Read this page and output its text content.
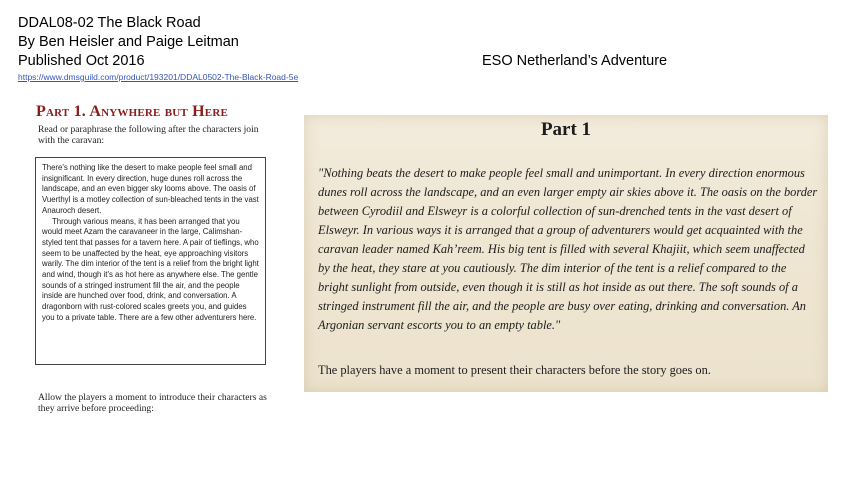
DDAL08-02 The Black Road
By Ben Heisler and Paige Leitman
Published Oct 2016
https://www.dmsguild.com/product/193201/DDAL0502-The-Black-Road-5e
ESO Netherland’s Adventure
Part 1. Anywhere but Here
Read or paraphrase the following after the characters join with the caravan:

There's nothing like the desert to make people feel small and insignificant. In every direction, huge dunes roll across the landscape, and an even bigger sky looms above. The oasis of Vuerthyl is a motley collection of sun-bleached tents in the vast Anauroch desert.

Through various means, it has been arranged that you would meet Azam the caravaneer in the large, Calimshan-styled tent that passes for a tavern here. A pair of tieflings, who seem to be unaffected by the heat, eye approaching visitors warily. The dim interior of the tent is a relief from the bright light and wind, though it's as hot here as anywhere else. The gentle sounds of a stringed instrument fill the air, and the people inside are hunched over food, drink, and conversation. A dragonborn with rust-colored scales greets you, and guides you to a private table. There are a few other adventurers here.

Allow the players a moment to introduce their characters as they arrive before proceeding:
Part 1
"Nothing beats the desert to make people feel small and unimportant. In every direction enormous dunes roll across the landscape, and an even larger empty air skies above it. The oasis on the border between Cyrodiil and Elsweyr is a colorful collection of sun-drenched tents in the vast desert of Elsweyr. In various ways it is arranged that a group of adventurers would get acquainted with the caravan leader named Kah’reem. His big tent is filled with several Khajiit, which seem unaffected by the heat, they stare at you cautiously. The dim interior of the tent is a relief compared to the bright sunlight from outside, even though it is still as hot inside as out there. The soft sounds of a stringed instrument fill the air, and the people are busy over eating, drinking and conversation. An Argonian servant escorts you to an empty table."
The players have a moment to present their characters before the story goes on.
